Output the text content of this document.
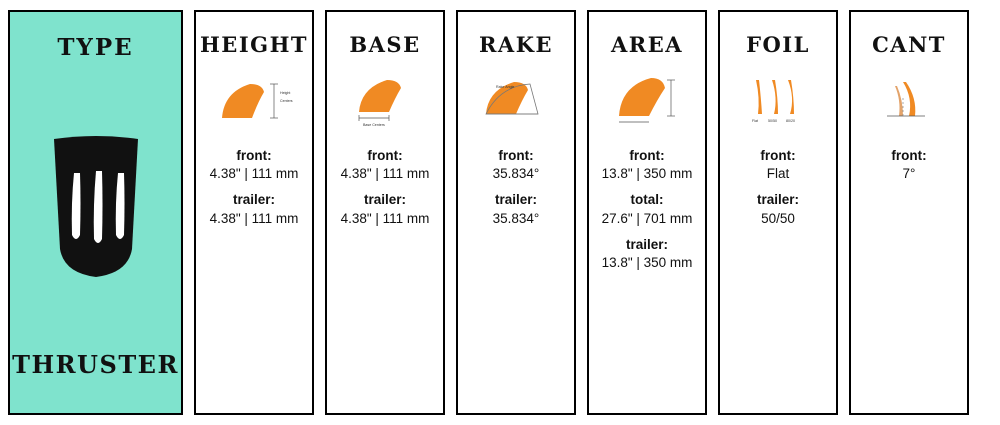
TYPE
THRUSTER
HEIGHT
Height
Centers
front:
4.38" | 111 mm
trailer:
4.38" | 111 mm
BASE
Base Centers
front:
4.38" | 111 mm
trailer:
4.38" | 111 mm
RAKE
Rake Angle
front:
35.834°
trailer:
35.834°
AREA
front:
13.8" | 350 mm
total:
27.6" | 701 mm
trailer:
13.8" | 350 mm
FOIL
Flat	50/50	80/20
front:
Flat
trailer:
50/50
CANT
front:
7°
